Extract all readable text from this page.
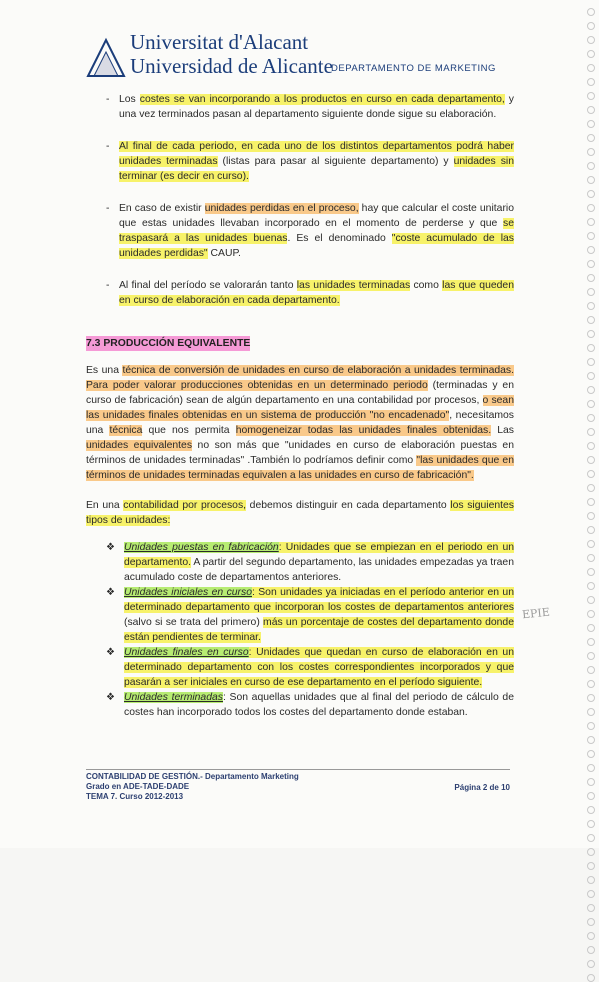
Universitat d'Alacant
Universidad de Alicante
DEPARTAMENTO DE MARKETING

- Los costes se van incorporando a los productos en curso en cada departamento, y una vez terminados pasan al departamento siguiente donde sigue su elaboración.

- Al final de cada periodo, en cada uno de los distintos departamentos podrá haber unidades terminadas (listas para pasar al siguiente departamento) y unidades sin terminar (es decir en curso).

- En caso de existir unidades perdidas en el proceso, hay que calcular el coste unitario que estas unidades llevaban incorporado en el momento de perderse y que se traspasará a las unidades buenas. Es el denominado "coste acumulado de las unidades perdidas" CAUP.

- Al final del período se valorarán tanto las unidades terminadas como las que queden en curso de elaboración en cada departamento.

7.3 PRODUCCIÓN EQUIVALENTE

Es una técnica de conversión de unidades en curso de elaboración a unidades terminadas. Para poder valorar producciones obtenidas en un determinado periodo (terminadas y en curso de fabricación) sean de algún departamento en una contabilidad por procesos, o sean las unidades finales obtenidas en un sistema de producción "no encadenado", necesitamos una técnica que nos permita homogeneizar todas las unidades finales obtenidas. Las unidades equivalentes no son más que "unidades en curso de elaboración puestas en términos de unidades terminadas" .También lo podríamos definir como "las unidades que en términos de unidades terminadas equivalen a las unidades en curso de fabricación".

En una contabilidad por procesos, debemos distinguir en cada departamento los siguientes tipos de unidades:

❖ Unidades puestas en fabricación: Unidades que se empiezan en el periodo en un departamento. A partir del segundo departamento, las unidades empezadas ya traen acumulado coste de departamentos anteriores.

❖ Unidades iniciales en curso: Son unidades ya iniciadas en el período anterior en un determinado departamento que incorporan los costes de departamentos anteriores (salvo si se trata del primero) más un porcentaje de costes del departamento donde están pendientes de terminar.

❖ Unidades finales en curso: Unidades que quedan en curso de elaboración en un determinado departamento con los costes correspondientes incorporados y que pasarán a ser iniciales en curso de ese departamento en el período siguiente.

❖ Unidades terminadas: Son aquellas unidades que al final del periodo de cálculo de costes han incorporado todos los costes del departamento donde estaban.

EPIE
CONTABILIDAD DE GESTIÓN.- Departamento Marketing
Grado en ADE-TADE-DADE
TEMA 7. Curso 2012-2013
Página 2 de 10
